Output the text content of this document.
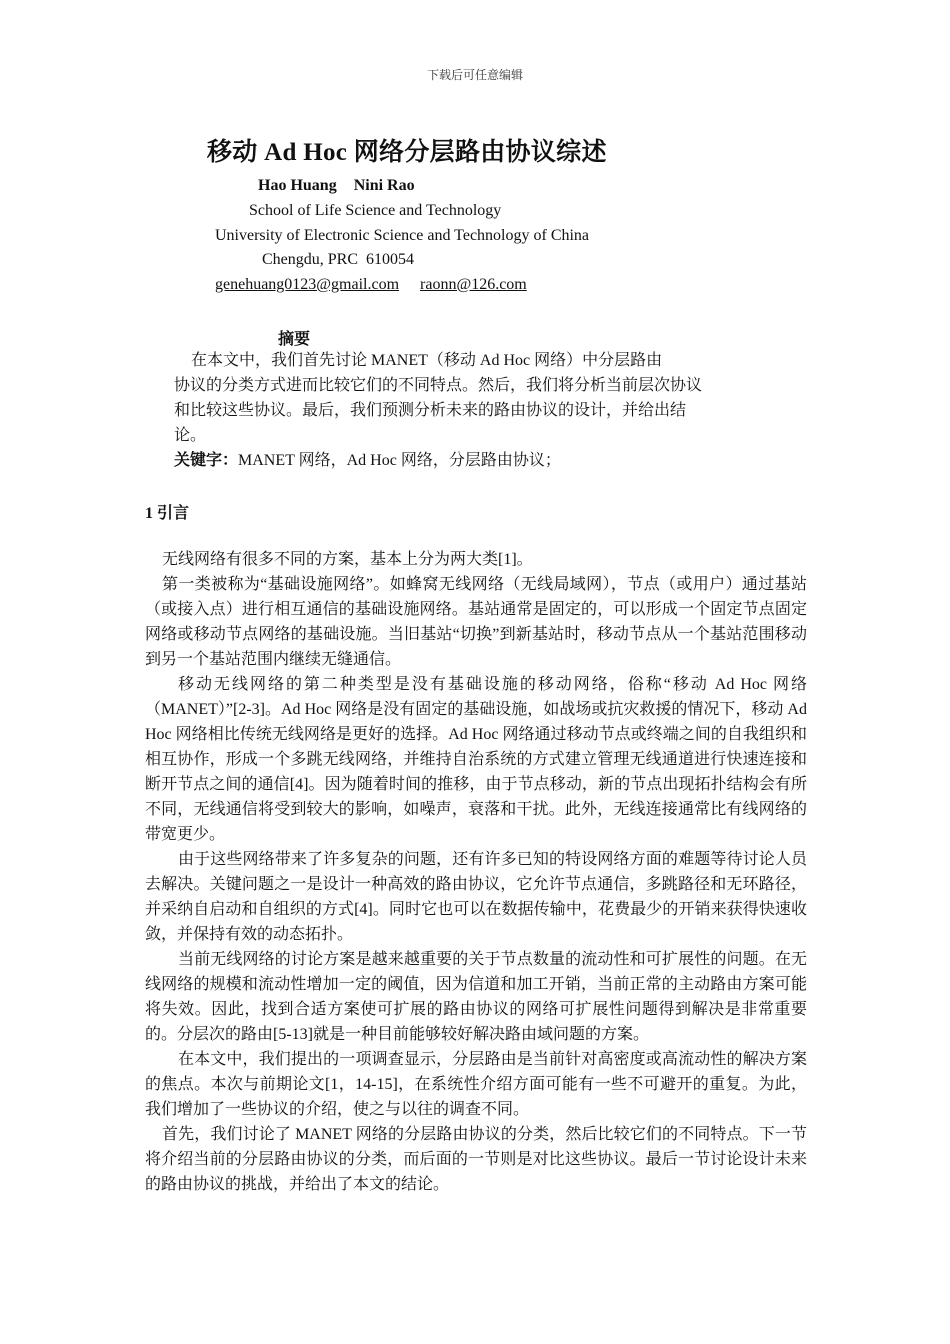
下载后可任意编辑
移动 Ad Hoc 网络分层路由协议综述
Hao Huang Nini Rao
School of Life Science and Technology
University of Electronic Science and Technology of China
Chengdu, PRC  610054
genehuang0123@gmail.com raonn@126.com
摘要

在本文中，我们首先讨论 MANET（移动 Ad Hoc 网络）中分层路由

协议的分类方式进而比较它们的不同特点。然后，我们将分析当前层次协议和比较这些协议。最后，我们预测分析未来的路由协议的设计，并给出结论。

关键字：MANET 网络，Ad Hoc 网络，分层路由协议；

1 引言

无线网络有很多不同的方案，基本上分为两大类[1]。

第一类被称为“基础设施网络”。如蜂窝无线网络（无线局域网），节点（或用户）通过基站（或接入点）进行相互通信的基础设施网络。基站通常是固定的，可以形成一个固定节点固定网络或移动节点网络的基础设施。当旧基站“切换”到新基站时，移动节点从一个基站范围移动到另一个基站范围内继续无缝通信。

移动无线网络的第二种类型是没有基础设施的移动网络，俗称“移动 Ad Hoc 网络（MANET）”[2-3]。Ad Hoc 网络是没有固定的基础设施，如战场或抗灾救援的情况下，移动 Ad Hoc 网络相比传统无线网络是更好的选择。Ad Hoc 网络通过移动节点或终端之间的自我组织和相互协作，形成一个多跳无线网络，并维持自治系统的方式建立管理无线通道进行快速连接和断开节点之间的通信[4]。因为随着时间的推移，由于节点移动，新的节点出现拓扑结构会有所不同，无线通信将受到较大的影响，如噪声，衰落和干扰。此外，无线连接通常比有线网络的带宽更少。

由于这些网络带来了许多复杂的问题，还有许多已知的特设网络方面的难题等待讨论人员去解决。关键问题之一是设计一种高效的路由协议，它允许节点通信，多跳路径和无环路径，并采纳自启动和自组织的方式[4]。同时它也可以在数据传输中，花费最少的开销来获得快速收敛，并保持有效的动态拓扑。

当前无线网络的讨论方案是越来越重要的关于节点数量的流动性和可扩展性的问题。在无线网络的规模和流动性增加一定的阈值，因为信道和加工开销，当前正常的主动路由方案可能将失效。因此，找到合适方案使可扩展的路由协议的网络可扩展性问题得到解决是非常重要的。分层次的路由[5-13]就是一种目前能够较好解决路由域问题的方案。

在本文中，我们提出的一项调查显示，分层路由是当前针对高密度或高流动性的解决方案的焦点。本次与前期论文[1，14-15]，在系统性介绍方面可能有一些不可避开的重复。为此，我们增加了一些协议的介绍，使之与以往的调查不同。

首先，我们讨论了 MANET 网络的分层路由协议的分类，然后比较它们的不同特点。下一节将介绍当前的分层路由协议的分类，而后面的一节则是对比这些协议。最后一节讨论设计未来的路由协议的挑战，并给出了本文的结论。
